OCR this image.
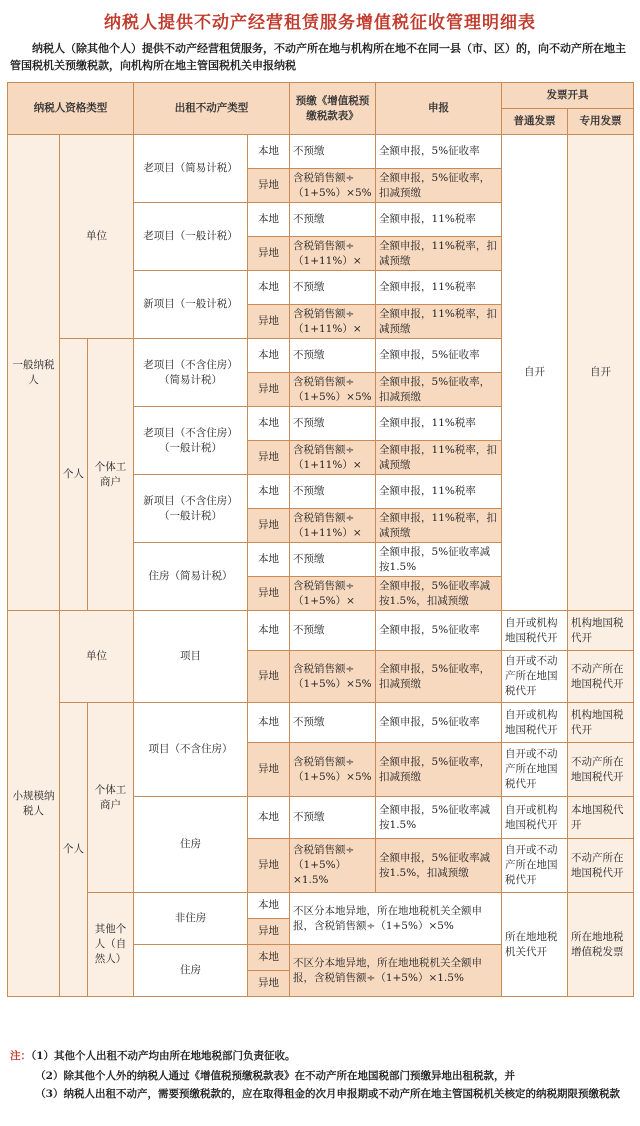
纳税人提供不动产经营租赁服务增值税征收管理明细表
纳税人（除其他个人）提供不动产经营租赁服务，不动产所在地与机构所在地不在同一县（市、区）的，向不动产所在地主管国税机关预缴税款，向机构所在地主管国税机关申报纳税
纳税人资格类型			出租不动产类型		预缴《增值税预缴税款表》	申报	发票开具	
							普通发票	专用发票
一般纳税人	单位		老项目（简易计税）	本地	不预缴	全额申报，5%征收率	自开	自开
				异地	含税销售额÷（1+5%）×5%	全额申报，5%征收率，扣减预缴		
			老项目（一般计税）	本地	不预缴	全额申报，11%税率		
				异地	含税销售额÷（1+11%）×	全额申报，11%税率，扣减预缴		
			新项目（一般计税）	本地	不预缴	全额申报，11%税率		
				异地	含税销售额÷（1+11%）×	全额申报，11%税率，扣减预缴		
	个人	个体工商户	老项目（不含住房）（简易计税）	本地	不预缴	全额申报，5%征收率		
				异地	含税销售额÷（1+5%）×5%	全额申报，5%征收率，扣减预缴		
			老项目（不含住房）（一般计税）	本地	不预缴	全额申报，11%税率		
				异地	含税销售额÷（1+11%）×	全额申报，11%税率，扣减预缴		
			新项目（不含住房）（一般计税）	本地	不预缴	全额申报，11%税率		
				异地	含税销售额÷（1+11%）×	全额申报，11%税率，扣减预缴		
			住房（简易计税）	本地	不预缴	全额申报，5%征收率减按1.5%		
				异地	含税销售额÷（1+5%）×	全额申报，5%征收率减按1.5%，扣减预缴		
小规模纳税人	单位		项目	本地	不预缴	全额申报，5%征收率	自开或机构地国税代开	机构地国税代开
				异地	含税销售额÷（1+5%）×5%	全额申报，5%征收率，扣减预缴	自开或不动产所在地国税代开	不动产所在地国税代开
	个人	个体工商户	项目（不含住房）	本地	不预缴	全额申报，5%征收率	自开或机构地国税代开	机构地国税代开
				异地	含税销售额÷（1+5%）×5%	全额申报，5%征收率，扣减预缴	自开或不动产所在地国税代开	不动产所在地国税代开
			住房	本地	不预缴	全额申报，5%征收率减按1.5%	自开或机构地国税代开	本地国税代开
				异地	含税销售额÷（1+5%）×1.5%	全额申报，5%征收率减按1.5%，扣减预缴	自开或不动产所在地国税代开	不动产所在地国税代开
		其他个人（自然人）	非住房	本地	不区分本地异地，所在地地税机关全额申报，含税销售额÷（1+5%）×5%		所在地地税机关代开	所在地地税增值税发票
				异地				
			住房	本地	不区分本地异地，所在地地税机关全额申报，含税销售额÷（1+5%）×1.5%			
				异地				
注：（1）其他个人出租不动产均由所在地地税部门负责征收。
（2）除其他个人外的纳税人通过《增值税预缴税款表》在不动产所在地国税部门预缴异地出租税款，并
（3）纳税人出租不动产，需要预缴税款的，应在取得租金的次月申报期或不动产所在地主管国税机关核定的纳税期限预缴税款
